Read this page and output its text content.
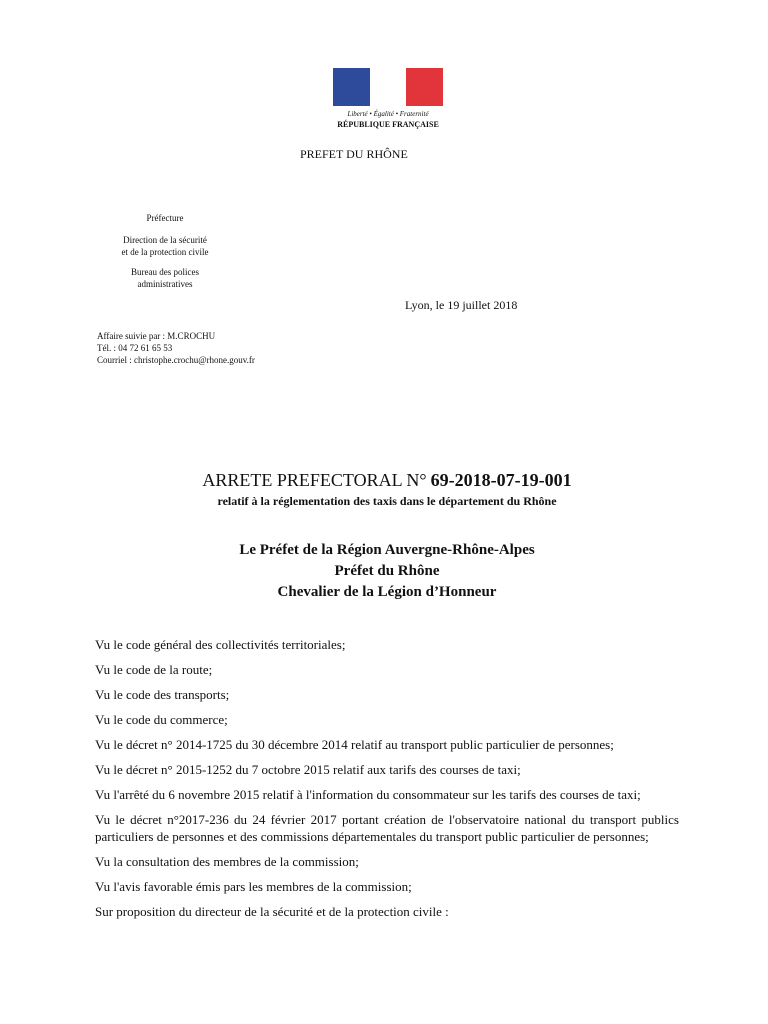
Liberté • Égalité • Fraternité
RÉPUBLIQUE FRANÇAISE
PREFET DU RHÔNE
Préfecture
Direction de la sécurité
et de la protection civile
Bureau des polices
administratives
Lyon, le 19 juillet 2018
Affaire suivie par : M.CROCHU
Tél. : 04 72 61 65 53
Courriel : christophe.crochu@rhone.gouv.fr
ARRETE PREFECTORAL N° 69-2018-07-19-001
relatif à la réglementation des taxis dans le département du Rhône
Le Préfet de la Région Auvergne-Rhône-Alpes
Préfet du Rhône
Chevalier de la Légion d’Honneur

Vu le code général des collectivités territoriales;

Vu le code de la route;

Vu le code des transports;

Vu le code du commerce;

Vu le décret n° 2014-1725 du 30 décembre 2014 relatif au transport public particulier de personnes;

Vu le décret n° 2015-1252 du 7 octobre 2015 relatif aux tarifs des courses de taxi;

Vu l'arrêté du 6 novembre 2015 relatif à l'information du consommateur sur les tarifs des courses de taxi;

Vu le décret n°2017-236 du 24 février 2017 portant création de l'observatoire national du transport publics particuliers de personnes et des commissions départementales du transport public particulier de personnes;

Vu la consultation des membres de la commission;

Vu l'avis favorable émis pars les membres de la commission;

Sur proposition du directeur de la sécurité et de la protection civile :
